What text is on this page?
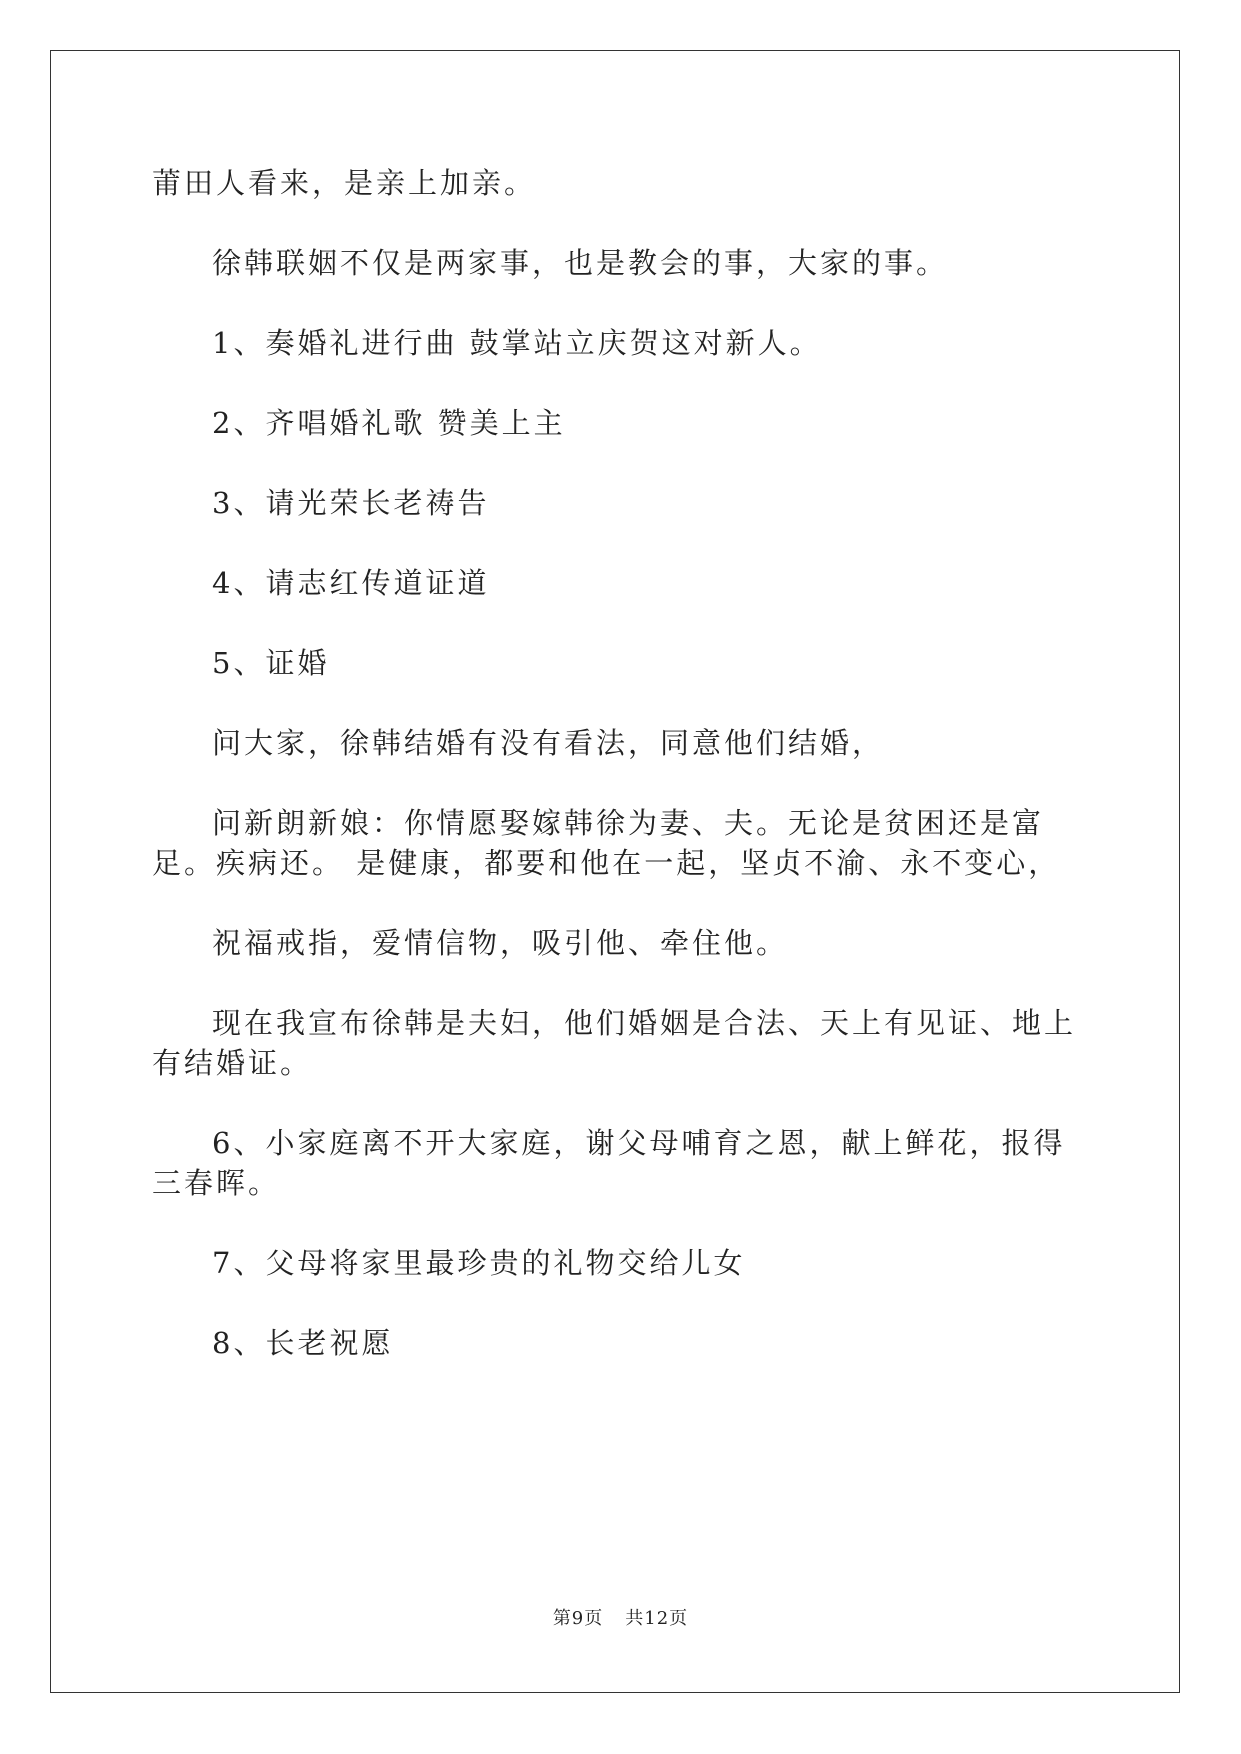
莆田人看来，是亲上加亲。

徐韩联姻不仅是两家事，也是教会的事，大家的事。

1、奏婚礼进行曲 鼓掌站立庆贺这对新人。

2、齐唱婚礼歌 赞美上主

3、请光荣长老祷告

4、请志红传道证道

5、证婚

问大家，徐韩结婚有没有看法，同意他们结婚，

问新朗新娘：你情愿娶嫁韩徐为妻、夫。无论是贫困还是富足。疾病还。 是健康，都要和他在一起，坚贞不渝、永不变心，

祝福戒指，爱情信物，吸引他、牵住他。

现在我宣布徐韩是夫妇，他们婚姻是合法、天上有见证、地上有结婚证。

6、小家庭离不开大家庭，谢父母哺育之恩，献上鲜花，报得三春晖。

7、父母将家里最珍贵的礼物交给儿女

8、长老祝愿

第9页 共12页
